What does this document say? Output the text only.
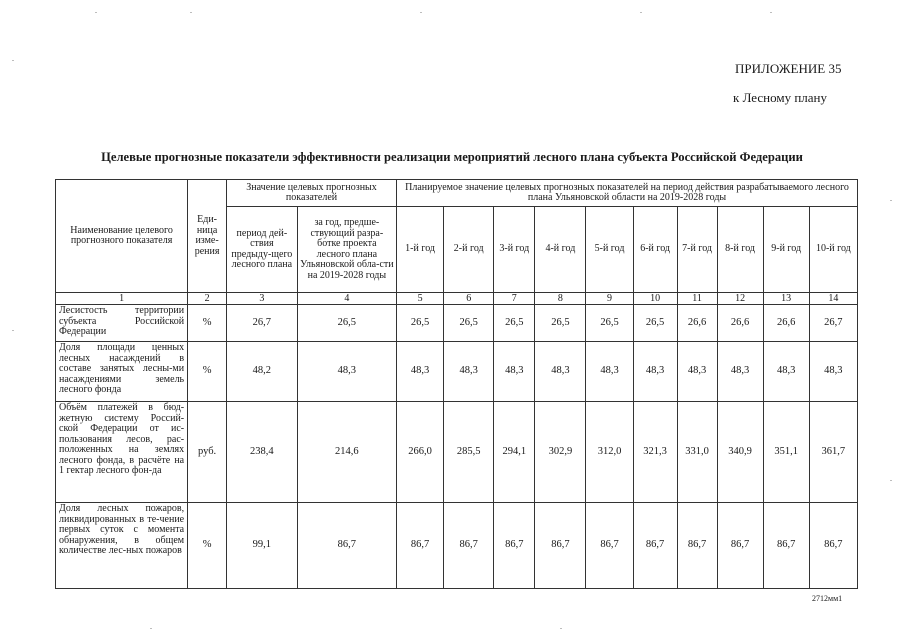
ПРИЛОЖЕНИЕ 35
к Лесному плану
Целевые прогнозные показатели эффективности реализации мероприятий лесного плана субъекта Российской Федерации
Наименование целевого прогнозного показателя	Еди-ница изме-рения	Значение целевых прогнозных показателей		Планируемое значение целевых прогнозных показателей на период действия разрабатываемого лесного плана Ульяновской области на 2019-2028 годы									
		период дей-ствия предыду-щего лесного плана	за год, предше-ствующий разра-ботке проекта лесного плана Ульяновской обла-сти на 2019-2028 годы	1-й год	2-й год	3-й год	4-й год	5-й год	6-й год	7-й год	8-й год	9-й год	10-й год
1	2	3	4	5	6	7	8	9	10	11	12	13	14
Лесистость территории субъекта Российской Федерации	%	26,7	26,5	26,5	26,5	26,5	26,5	26,5	26,5	26,6	26,6	26,6	26,7
Доля площади ценных лесных насаждений в составе занятых лесны-ми насаждениями земель лесного фонда	%	48,2	48,3	48,3	48,3	48,3	48,3	48,3	48,3	48,3	48,3	48,3	48,3
Объём платежей в бюд-жетную систему Россий-ской Федерации от ис-пользования лесов, рас-положенных на землях лесного фонда, в расчёте на 1 гектар лесного фон-да	руб.	238,4	214,6	266,0	285,5	294,1	302,9	312,0	321,3	331,0	340,9	351,1	361,7
Доля лесных пожаров, ликвидированных в те-чение первых суток с момента обнаружения, в общем количестве лес-ных пожаров	%	99,1	86,7	86,7	86,7	86,7	86,7	86,7	86,7	86,7	86,7	86,7	86,7
2712мм1
